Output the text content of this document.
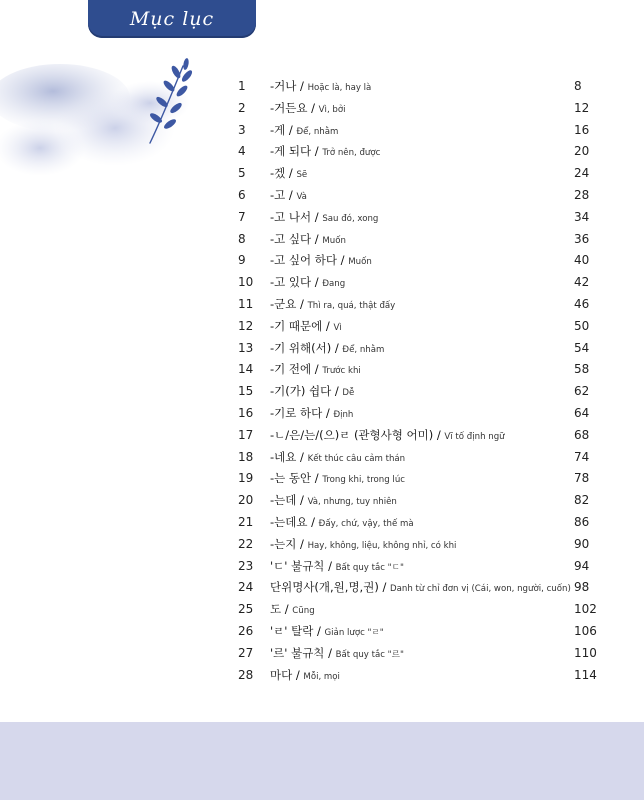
Mục lục
1 -거나 / Hoặc là, hay là	8
2 -거든요 / Vì, bởi	12
3 -게 / Để, nhằm	16
4 -게 되다 / Trở nên, được	20
5 -겠 / Sẽ	24
6 -고 / Và	28
7 -고 나서 / Sau đó, xong	34
8 -고 싶다 / Muốn	36
9 -고 싶어 하다 / Muốn	40
10 -고 있다 / Đang	42
11 -군요 / Thì ra, quá, thật đấy	46
12 -기 때문에 / Vì	50
13 -기 위해(서) / Để, nhằm	54
14 -기 전에 / Trước khi	58
15 -기(가) 쉽다 / Dễ	62
16 -기로 하다 / Định	64
17 -ㄴ/은/는/(으)ㄹ (관형사형 어미) / Vĩ tố định ngữ	68
18 -네요 / Kết thúc câu cảm thán	74
19 -는 동안 / Trong khi, trong lúc	78
20 -는데 / Và, nhưng, tuy nhiên	82
21 -는데요 / Đấy, chứ, vậy, thế mà	86
22 -는지 / Hay, không, liệu, không nhỉ, có khi	90
23 'ㄷ' 불규칙 / Bất quy tắc "ㄷ"	94
24 단위명사(개,원,명,권) / Danh từ chỉ đơn vị (Cái, won, người, cuốn) 98
25 도 / Cũng	102
26 'ㄹ' 탈락 / Giản lược "ㄹ"	106
27 '르' 불규칙 / Bất quy tắc "르"	110
28 마다 / Mỗi, mọi	114
